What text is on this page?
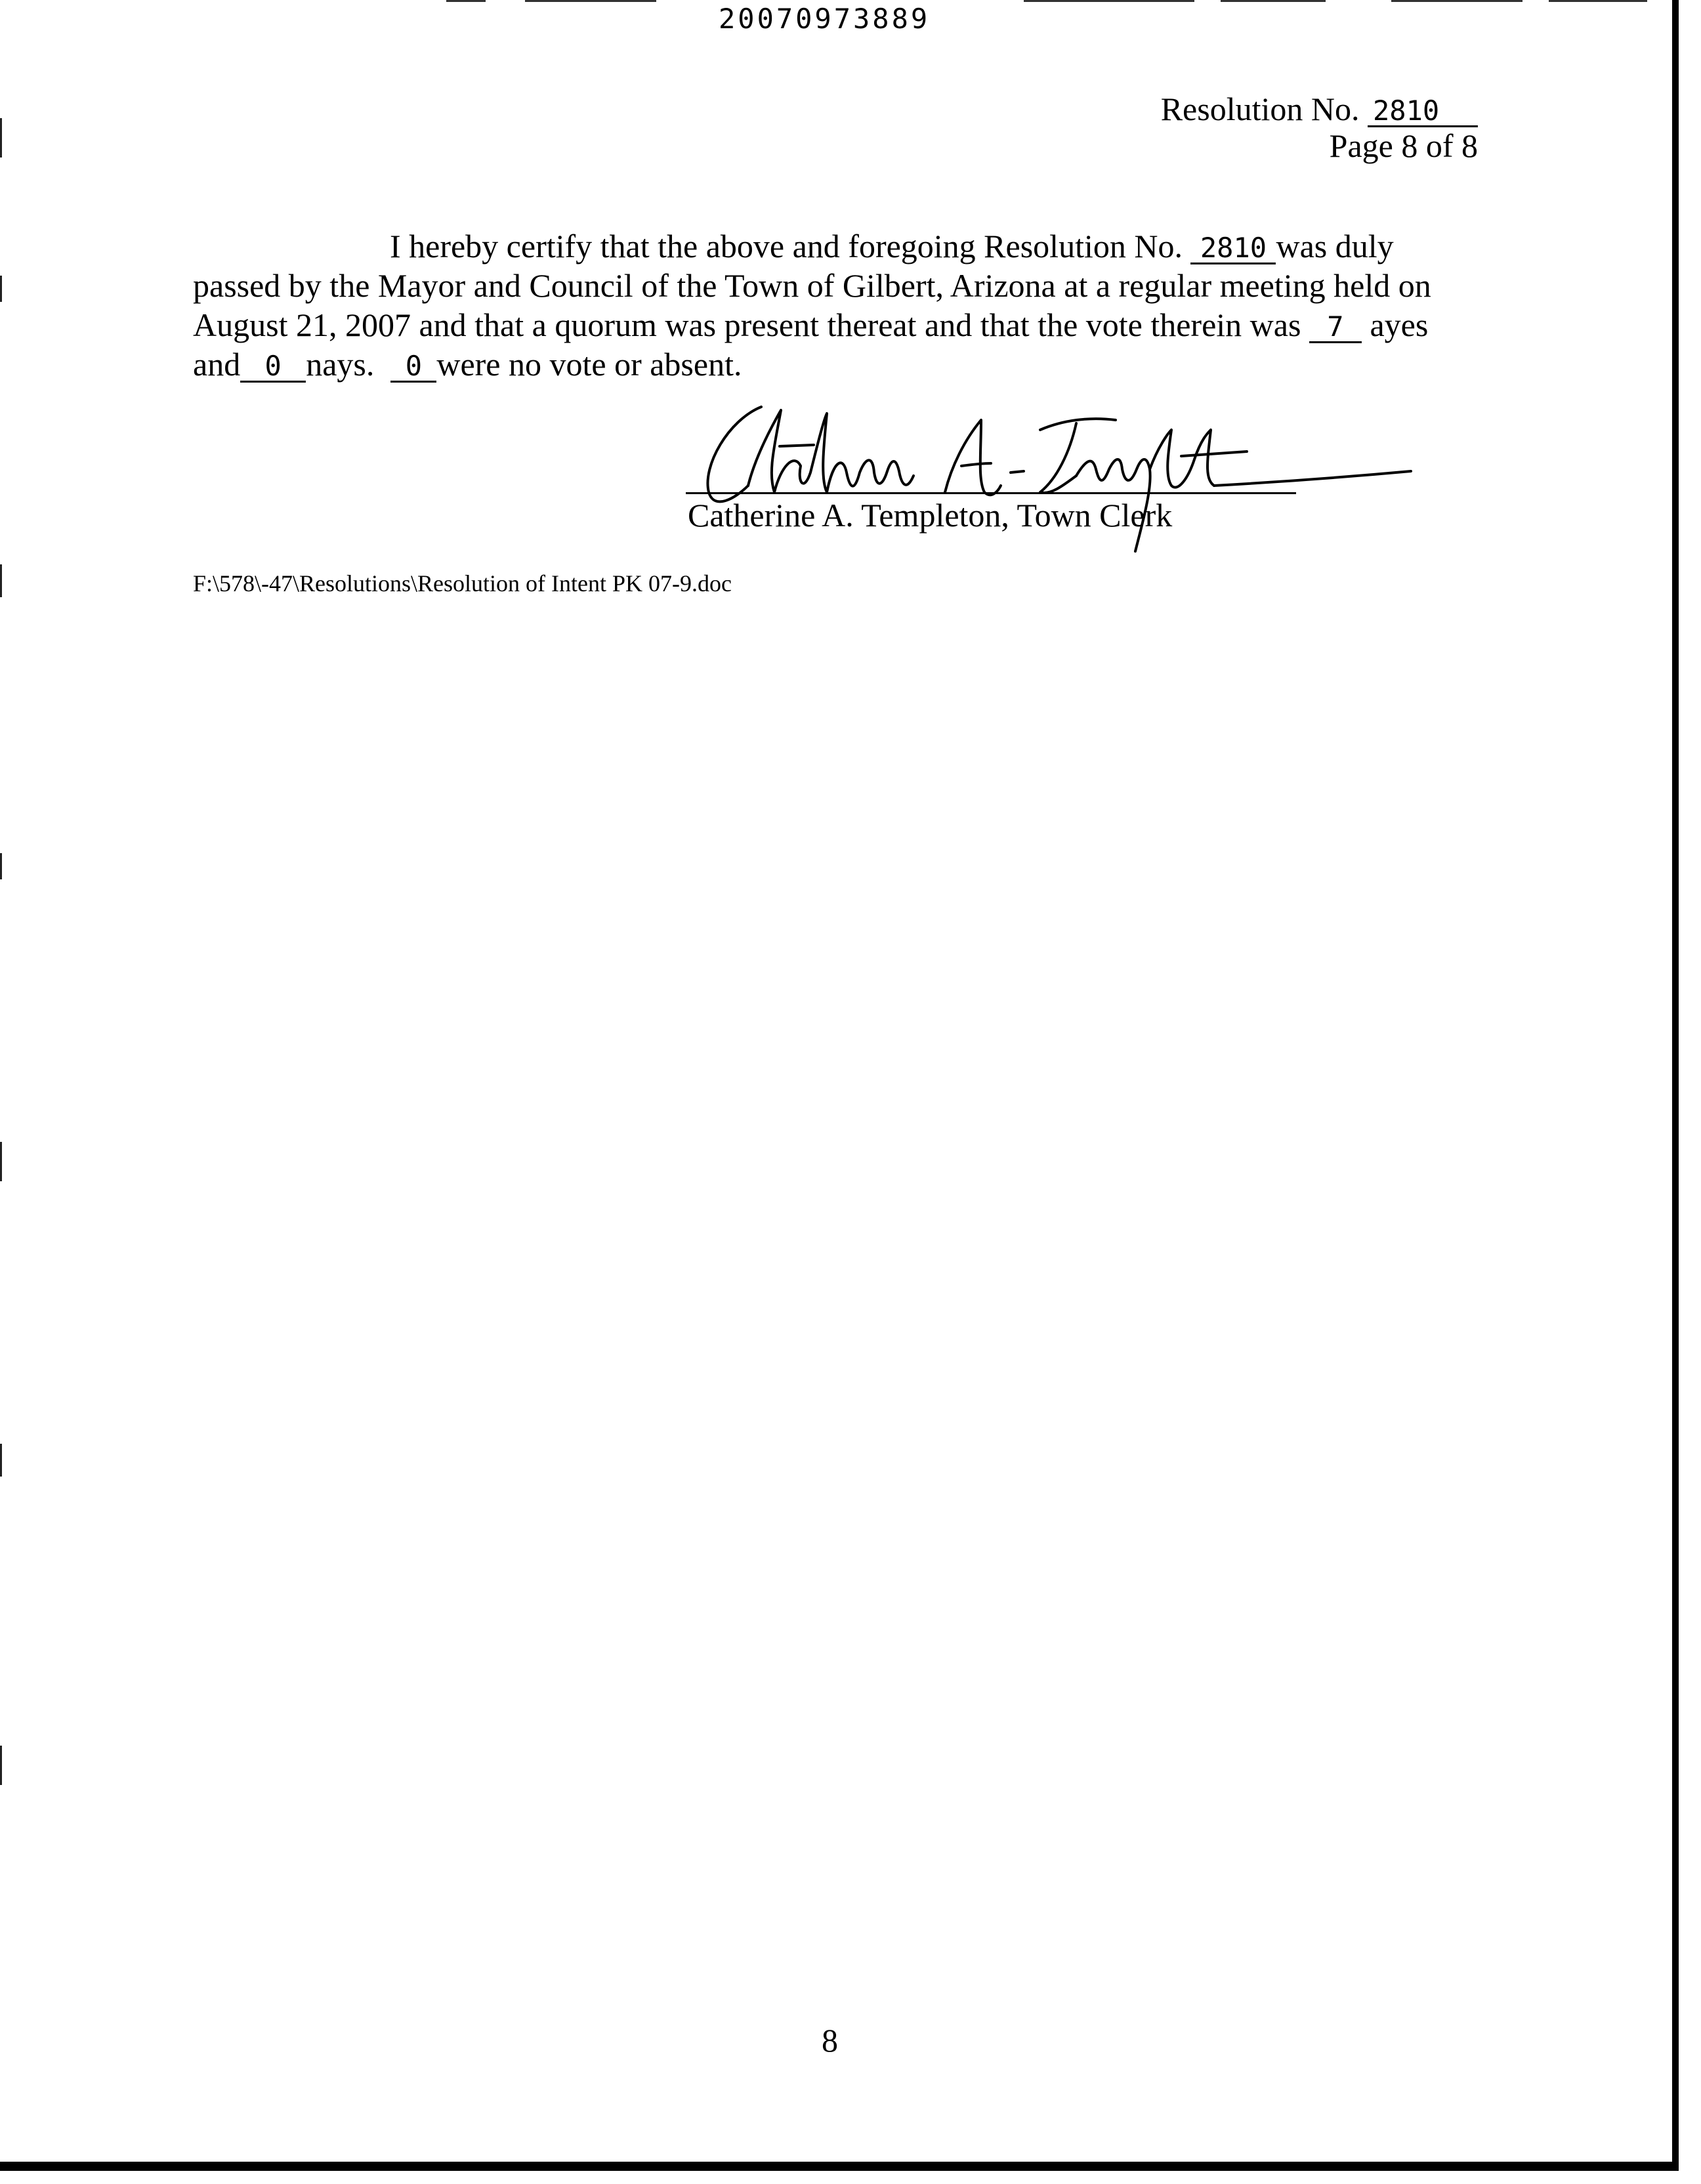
20070973889
Resolution No. 2810
Page 8 of 8
I hereby certify that the above and foregoing Resolution No. 2810 was duly passed by the Mayor and Council of the Town of Gilbert, Arizona at a regular meeting held on August 21, 2007 and that a quorum was present thereat and that the vote therein was 7 ayes and 0 nays. 0 were no vote or absent.
Catherine A. Templeton, Town Clerk
F:\578\-47\Resolutions\Resolution of Intent PK 07-9.doc
8
